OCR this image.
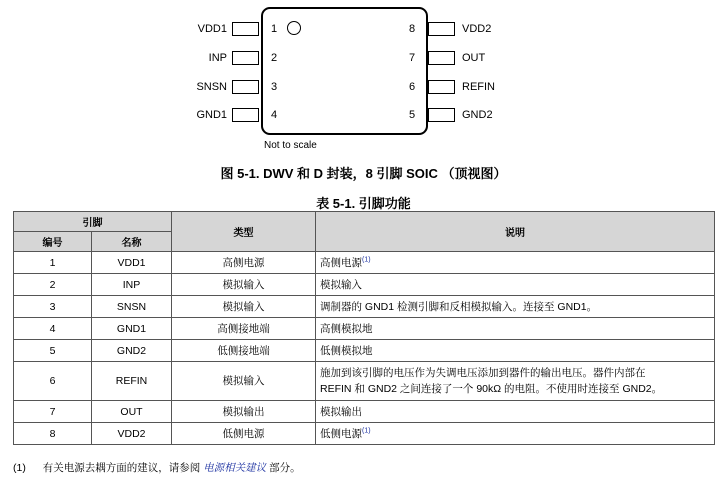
VDD1
INP
SNSN
GND1
1
2
3
4
VDD2
OUT
REFIN
GND2
8
7
6
5
Not to scale
图 5-1. DWV 和 D 封装，8 引脚 SOIC （顶视图）
表 5-1. 引脚功能
引脚		类型	说明
编号	名称		
1	VDD1	高侧电源	高侧电源$^{(1)}$
2	INP	模拟输入	模拟输入
3	SNSN	模拟输入	调制器的 GND1 检测引脚和反相模拟输入。连接至 GND1。
4	GND1	高侧接地端	高侧模拟地
5	GND2	低侧接地端	低侧模拟地
6	REFIN	模拟输入	施加到该引脚的电压作为失调电压添加到器件的输出电压。器件内部在
REFIN 和 GND2 之间连接了一个 90kΩ 的电阻。不使用时连接至 GND2。
7	OUT	模拟输出	模拟输出
8	VDD2	低侧电源	低侧电源$^{(1)}$
(1) 有关电源去耦方面的建议，请参阅 电源相关建议 部分。
